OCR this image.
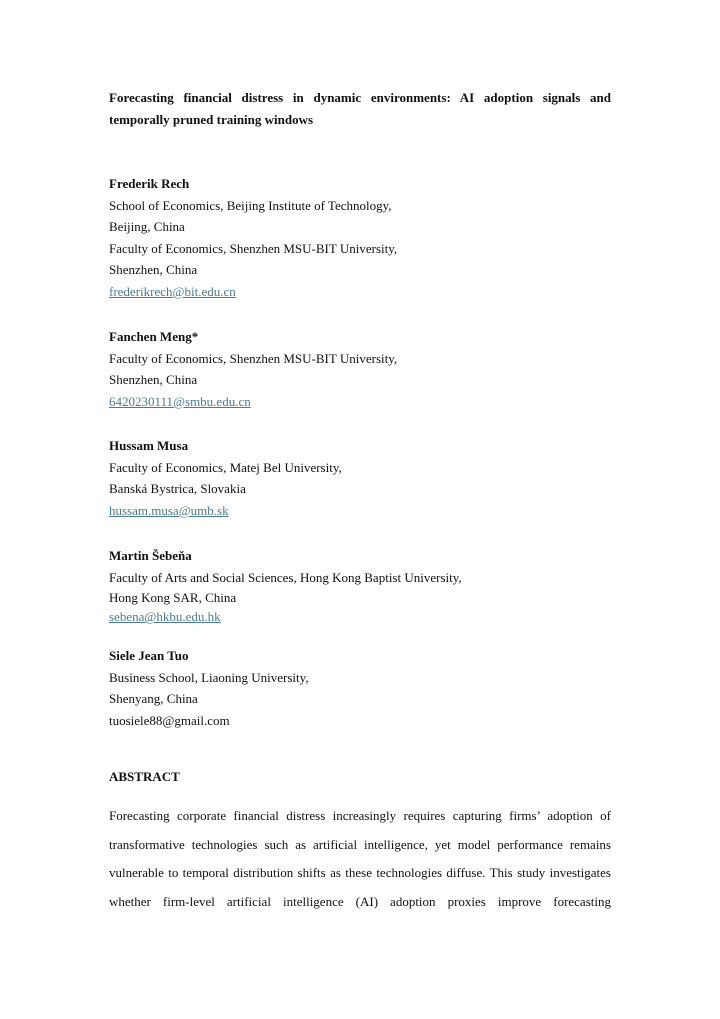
Forecasting financial distress in dynamic environments: AI adoption signals and
temporally pruned training windows
Frederik Rech
School of Economics, Beijing Institute of Technology,
Beijing, China
Faculty of Economics, Shenzhen MSU-BIT University,
Shenzhen, China
frederikrech@bit.edu.cn
Fanchen Meng*
Faculty of Economics, Shenzhen MSU-BIT University,
Shenzhen, China
6420230111@smbu.edu.cn
Hussam Musa
Faculty of Economics, Matej Bel University,
Banská Bystrica, Slovakia
hussam.musa@umb.sk
Martin Šebeňa
Faculty of Arts and Social Sciences, Hong Kong Baptist University,
Hong Kong SAR, China
sebena@hkbu.edu.hk
Siele Jean Tuo
Business School, Liaoning University,
Shenyang, China
tuosiele88@gmail.com
ABSTRACT

Forecasting corporate financial distress increasingly requires capturing firms’ adoption of
transformative technologies such as artificial intelligence, yet model performance remains
vulnerable to temporal distribution shifts as these technologies diffuse. This study investigates
whether firm-level artificial intelligence (AI) adoption proxies improve forecasting
